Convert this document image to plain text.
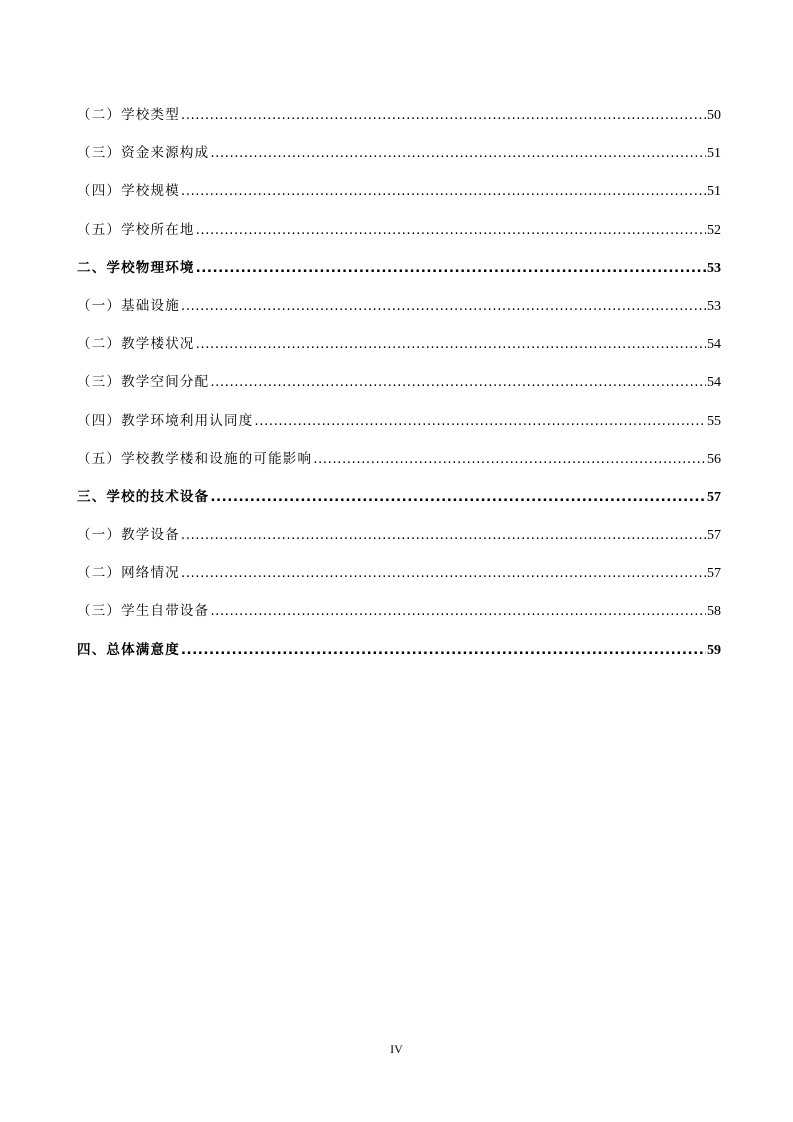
（二）学校类型 .....	50
（三）资金来源构成 .....	51
（四）学校规模 .....	51
（五）学校所在地 .....	52
二、学校物理环境 .....	53
（一）基础设施 .....	53
（二）教学楼状况 .....	54
（三）教学空间分配 .....	54
（四）教学环境利用认同度 .....	55
（五）学校教学楼和设施的可能影响 .....	56
三、学校的技术设备 .....	57
（一）教学设备 .....	57
（二）网络情况 .....	57
（三）学生自带设备 .....	58
四、总体满意度 .....	59
IV
